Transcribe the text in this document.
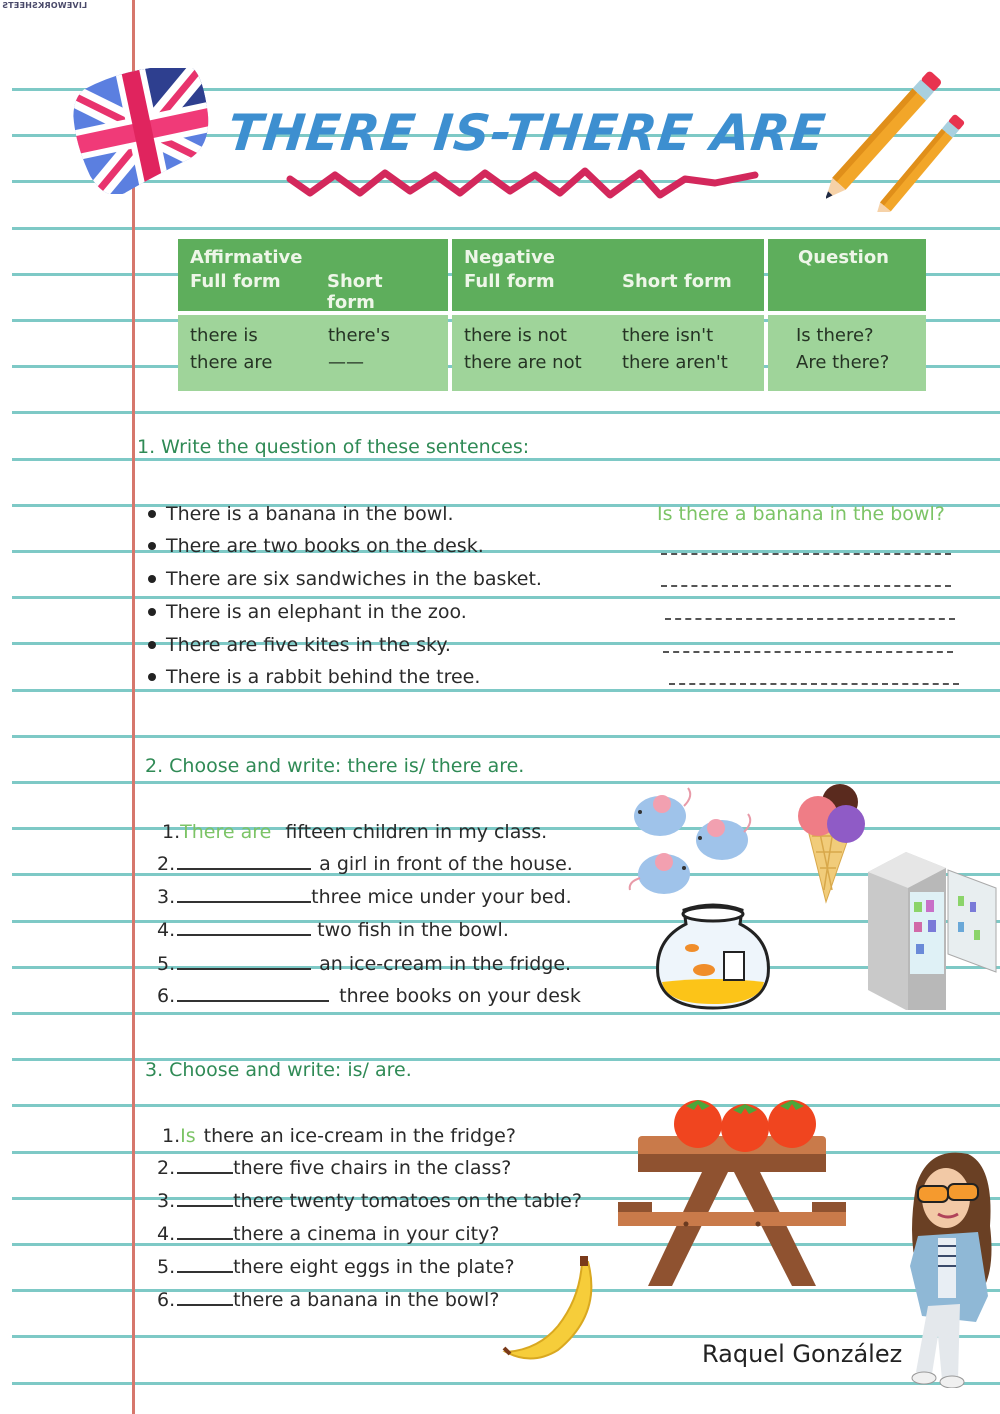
LIVEWORKSHEETS
THERE IS-THERE ARE
Affirmative
Full form	Short form
there is	there's
there are	——
Negative
Full form	Short form
there is not	there isn't
there are not	there aren't
Question
Is there?
Are there?
1. Write the question of these sentences:
There is a banana in the bowl.
There are two books on the desk.
There are six sandwiches in the basket.
There is an elephant in the zoo.
There are five kites in the sky.
There is a rabbit behind the tree.
Is there a banana in the bowl?
2. Choose and write: there is/ there are.
1.There are fifteen children in my class.
2.	a girl in front of the house.
3.	three mice under your bed.
4.	two fish in the bowl.
5.	an ice-cream in the fridge.
6.	three books on your desk
3. Choose and write: is/ are.
1.Is there an ice-cream in the fridge?
2.	there five chairs in the class?
3.	there twenty tomatoes on the table?
4.	there a cinema in your city?
5.	there eight eggs in the plate?
6.	there a banana in the bowl?
Raquel González
